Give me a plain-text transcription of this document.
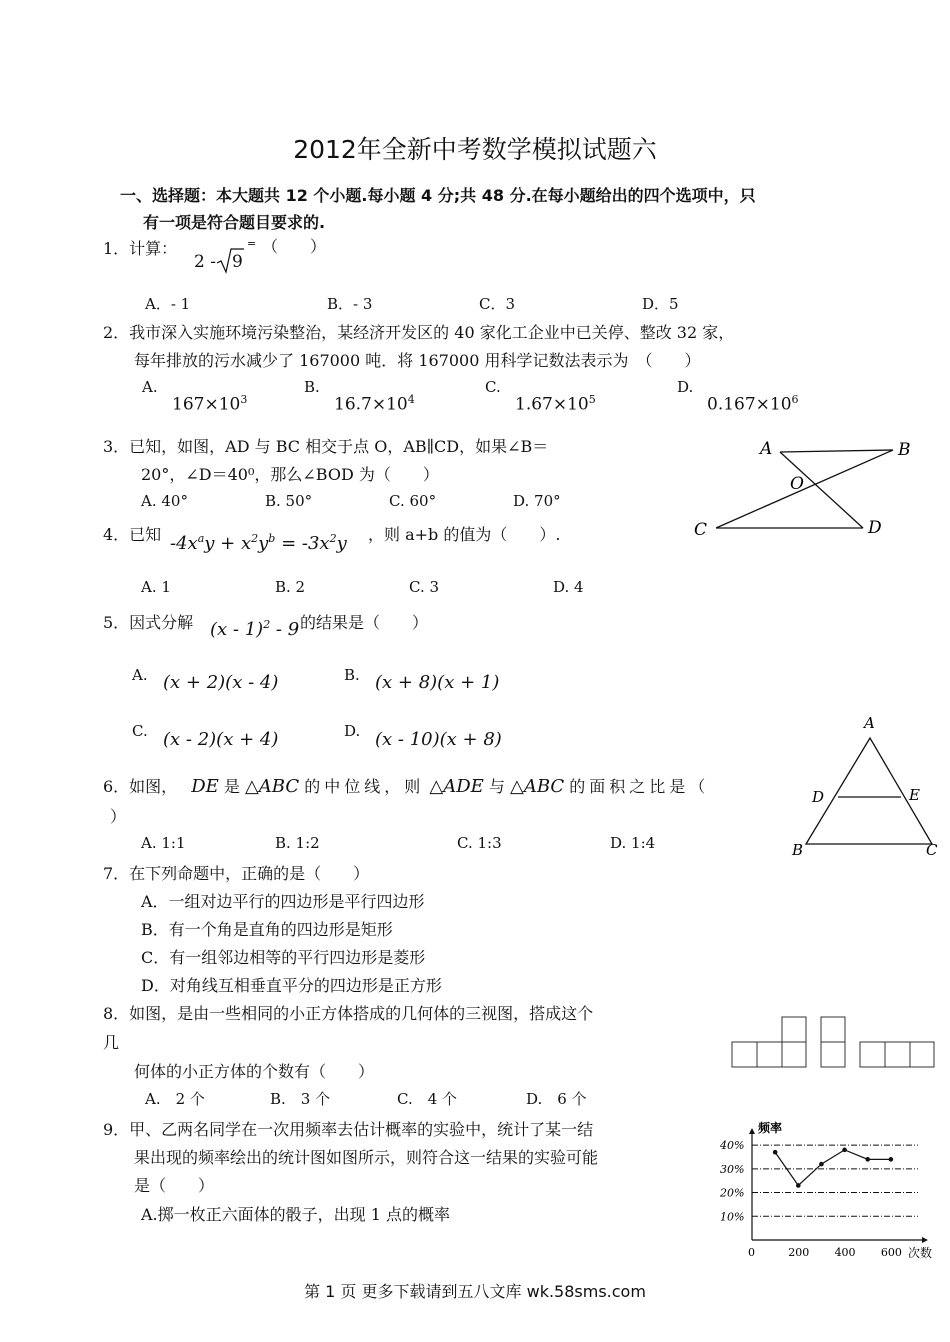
2012年全新中考数学模拟试题六
一、选择题：本大题共 12 个小题.每小题 4 分;共 48 分.在每小题给出的四个选项中，只
有一项是符合题目要求的.
1．计算：
2 - 9
= （　　）
A．- 1	B．- 3	C．3	D．5
2．我市深入实施环境污染整治，某经济开发区的 40 家化工企业中已关停、整改 32 家，
每年排放的污水减少了 167000 吨．将 167000 用科学记数法表示为　（　　）
A.
$167\times 10^3$
B.
$16.7\times 10^4$
C.
$1.67\times 10^5$
D.
$0.167\times 10^6$
3．已知，如图，AD 与 BC 相交于点 O，AB∥CD，如果∠B＝
20°，∠D＝40⁰，那么∠BOD 为（　　）
A. 40°	B. 50°	C. 60°	D. 70°
A	B
O
C	D
4．已知 $-4x^ay + x^2y^b = -3x^2y$ ，则 a+b 的值为（　　）.
A. 1	B. 2	C. 3	D. 4
5．因式分解 (x - 1)$^2$ - 9 的结果是（　　）
A. (x + 2)(x - 4)	B. (x + 8)(x + 1)
C. (x - 2)(x + 4)	D. (x - 10)(x + 8)
6．如图， DE 是 △ABC 的中位线，则 △ADE 与 △ABC 的面积之比是（
）
A. 1:1	B. 1:2	C. 1:3	D. 1:4
A
D	E
B	C
7．在下列命题中，正确的是（　　）
A．一组对边平行的四边形是平行四边形
B．有一个角是直角的四边形是矩形
C．有一组邻边相等的平行四边形是菱形
D．对角线互相垂直平分的四边形是正方形
8．如图，是由一些相同的小正方体搭成的几何体的三视图，搭成这个
几
何体的小正方体的个数有（　　）
A.　2 个	B.　3 个	C.　4 个	D.　6 个
9．甲、乙两名同学在一次用频率去估计概率的实验中，统计了某一结
果出现的频率绘出的统计图如图所示，则符合这一结果的实验可能
是（　　）
A.掷一枚正六面体的骰子，出现 1 点的概率
频率
次数
10%
20%
30%
40%
0	200 400 600
第 1 页 更多下载请到五八文库 wk.58sms.com
